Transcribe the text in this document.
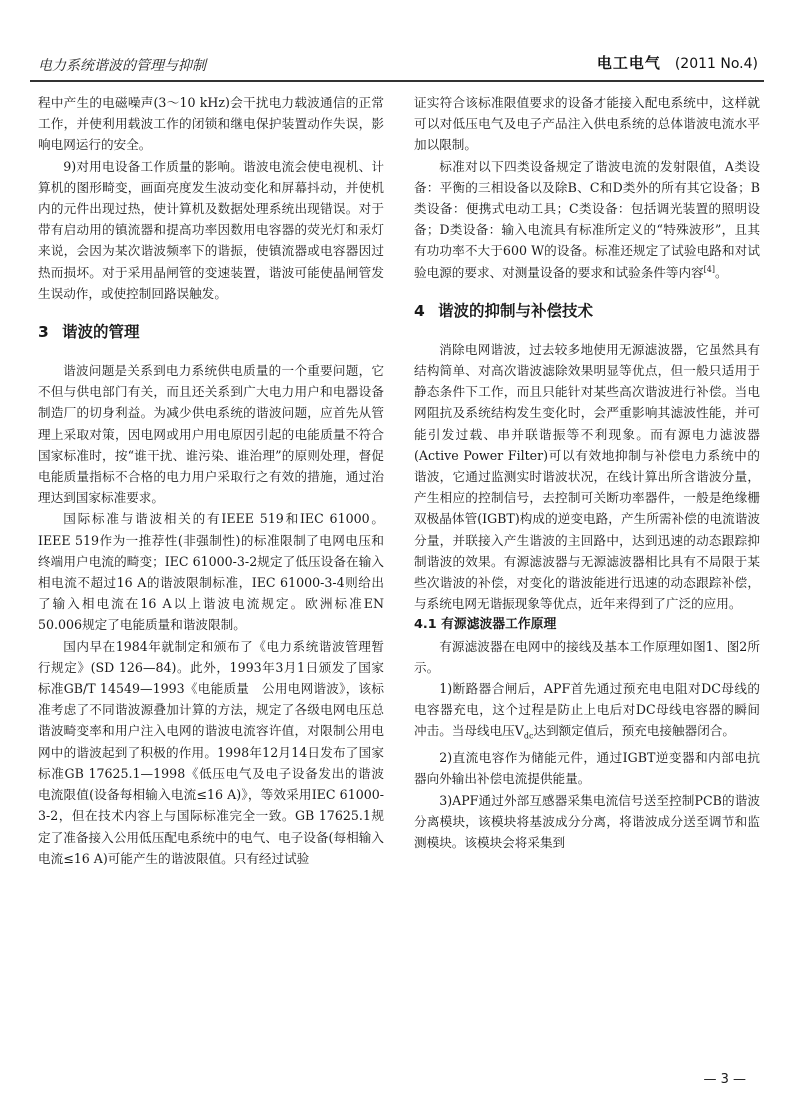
电力系统谐波的管理与抑制	电工电气 (2011 No.4)

程中产生的电磁噪声(3～10 kHz)会干扰电力载波通信的正常工作，并使利用载波工作的闭锁和继电保护装置动作失误，影响电网运行的安全。

9)对用电设备工作质量的影响。谐波电流会使电视机、计算机的图形畸变，画面亮度发生波动变化和屏幕抖动，并使机内的元件出现过热，使计算机及数据处理系统出现错误。对于带有启动用的镇流器和提高功率因数用电容器的荧光灯和汞灯来说，会因为某次谐波频率下的谐振，使镇流器或电容器因过热而损坏。对于采用晶闸管的变速装置，谐波可能使晶闸管发生误动作，或使控制回路误触发。

3 谐波的管理

谐波问题是关系到电力系统供电质量的一个重要问题，它不但与供电部门有关，而且还关系到广大电力用户和电器设备制造厂的切身利益。为减少供电系统的谐波问题，应首先从管理上采取对策，因电网或用户用电原因引起的电能质量不符合国家标准时，按“谁干扰、谁污染、谁治理”的原则处理，督促电能质量指标不合格的电力用户采取行之有效的措施，通过治理达到国家标准要求。

国际标准与谐波相关的有IEEE 519和IEC 61000。IEEE 519作为一推荐性(非强制性)的标准限制了电网电压和终端用户电流的畸变；IEC 61000-3-2规定了低压设备在输入相电流不超过16 A的谐波限制标准，IEC 61000-3-4则给出了输入相电流在16 A以上谐波电流规定。欧洲标准EN 50.006规定了电能质量和谐波限制。

国内早在1984年就制定和颁布了《电力系统谐波管理暂行规定》(SD 126—84)。此外，1993年3月1日颁发了国家标准GB/T 14549—1993《电能质量　公用电网谐波》，该标准考虑了不同谐波源叠加计算的方法，规定了各级电网电压总谐波畸变率和用户注入电网的谐波电流容许值，对限制公用电网中的谐波起到了积极的作用。1998年12月14日发布了国家标准GB 17625.1—1998《低压电气及电子设备发出的谐波电流限值(设备每相输入电流≤16 A)》，等效采用IEC 61000-3-2，但在技术内容上与国际标准完全一致。GB 17625.1规定了准备接入公用低压配电系统中的电气、电子设备(每相输入电流≤16 A)可能产生的谐波限值。只有经过试验

证实符合该标准限值要求的设备才能接入配电系统中，这样就可以对低压电气及电子产品注入供电系统的总体谐波电流水平加以限制。

标准对以下四类设备规定了谐波电流的发射限值，A类设备：平衡的三相设备以及除B、C和D类外的所有其它设备；B类设备：便携式电动工具；C类设备：包括调光装置的照明设备；D类设备：输入电流具有标准所定义的“特殊波形”，且其有功功率不大于600 W的设备。标准还规定了试验电路和对试验电源的要求、对测量设备的要求和试验条件等内容[4]。

4 谐波的抑制与补偿技术

消除电网谐波，过去较多地使用无源滤波器，它虽然具有结构简单、对高次谐波滤除效果明显等优点，但一般只适用于静态条件下工作，而且只能针对某些高次谐波进行补偿。当电网阻抗及系统结构发生变化时，会严重影响其滤波性能，并可能引发过载、串并联谐振等不利现象。而有源电力滤波器(Active Power Filter)可以有效地抑制与补偿电力系统中的谐波，它通过监测实时谐波状况，在线计算出所含谐波分量，产生相应的控制信号，去控制可关断功率器件，一般是绝缘栅双极晶体管(IGBT)构成的逆变电路，产生所需补偿的电流谐波分量，并联接入产生谐波的主回路中，达到迅速的动态跟踪抑制谐波的效果。有源滤波器与无源滤波器相比具有不局限于某些次谐波的补偿，对变化的谐波能进行迅速的动态跟踪补偿，与系统电网无谐振现象等优点，近年来得到了广泛的应用。

4.1 有源滤波器工作原理

有源滤波器在电网中的接线及基本工作原理如图1、图2所示。

1)断路器合闸后，APF首先通过预充电电阻对DC母线的电容器充电，这个过程是防止上电后对DC母线电容器的瞬间冲击。当母线电压$V_{dc}$达到额定值后，预充电接触器闭合。

2)直流电容作为储能元件，通过IGBT逆变器和内部电抗器向外输出补偿电流提供能量。

3)APF通过外部互感器采集电流信号送至控制PCB的谐波分离模块，该模块将基波成分分离，将谐波成分送至调节和监测模块。该模块会将采集到

— 3 —
